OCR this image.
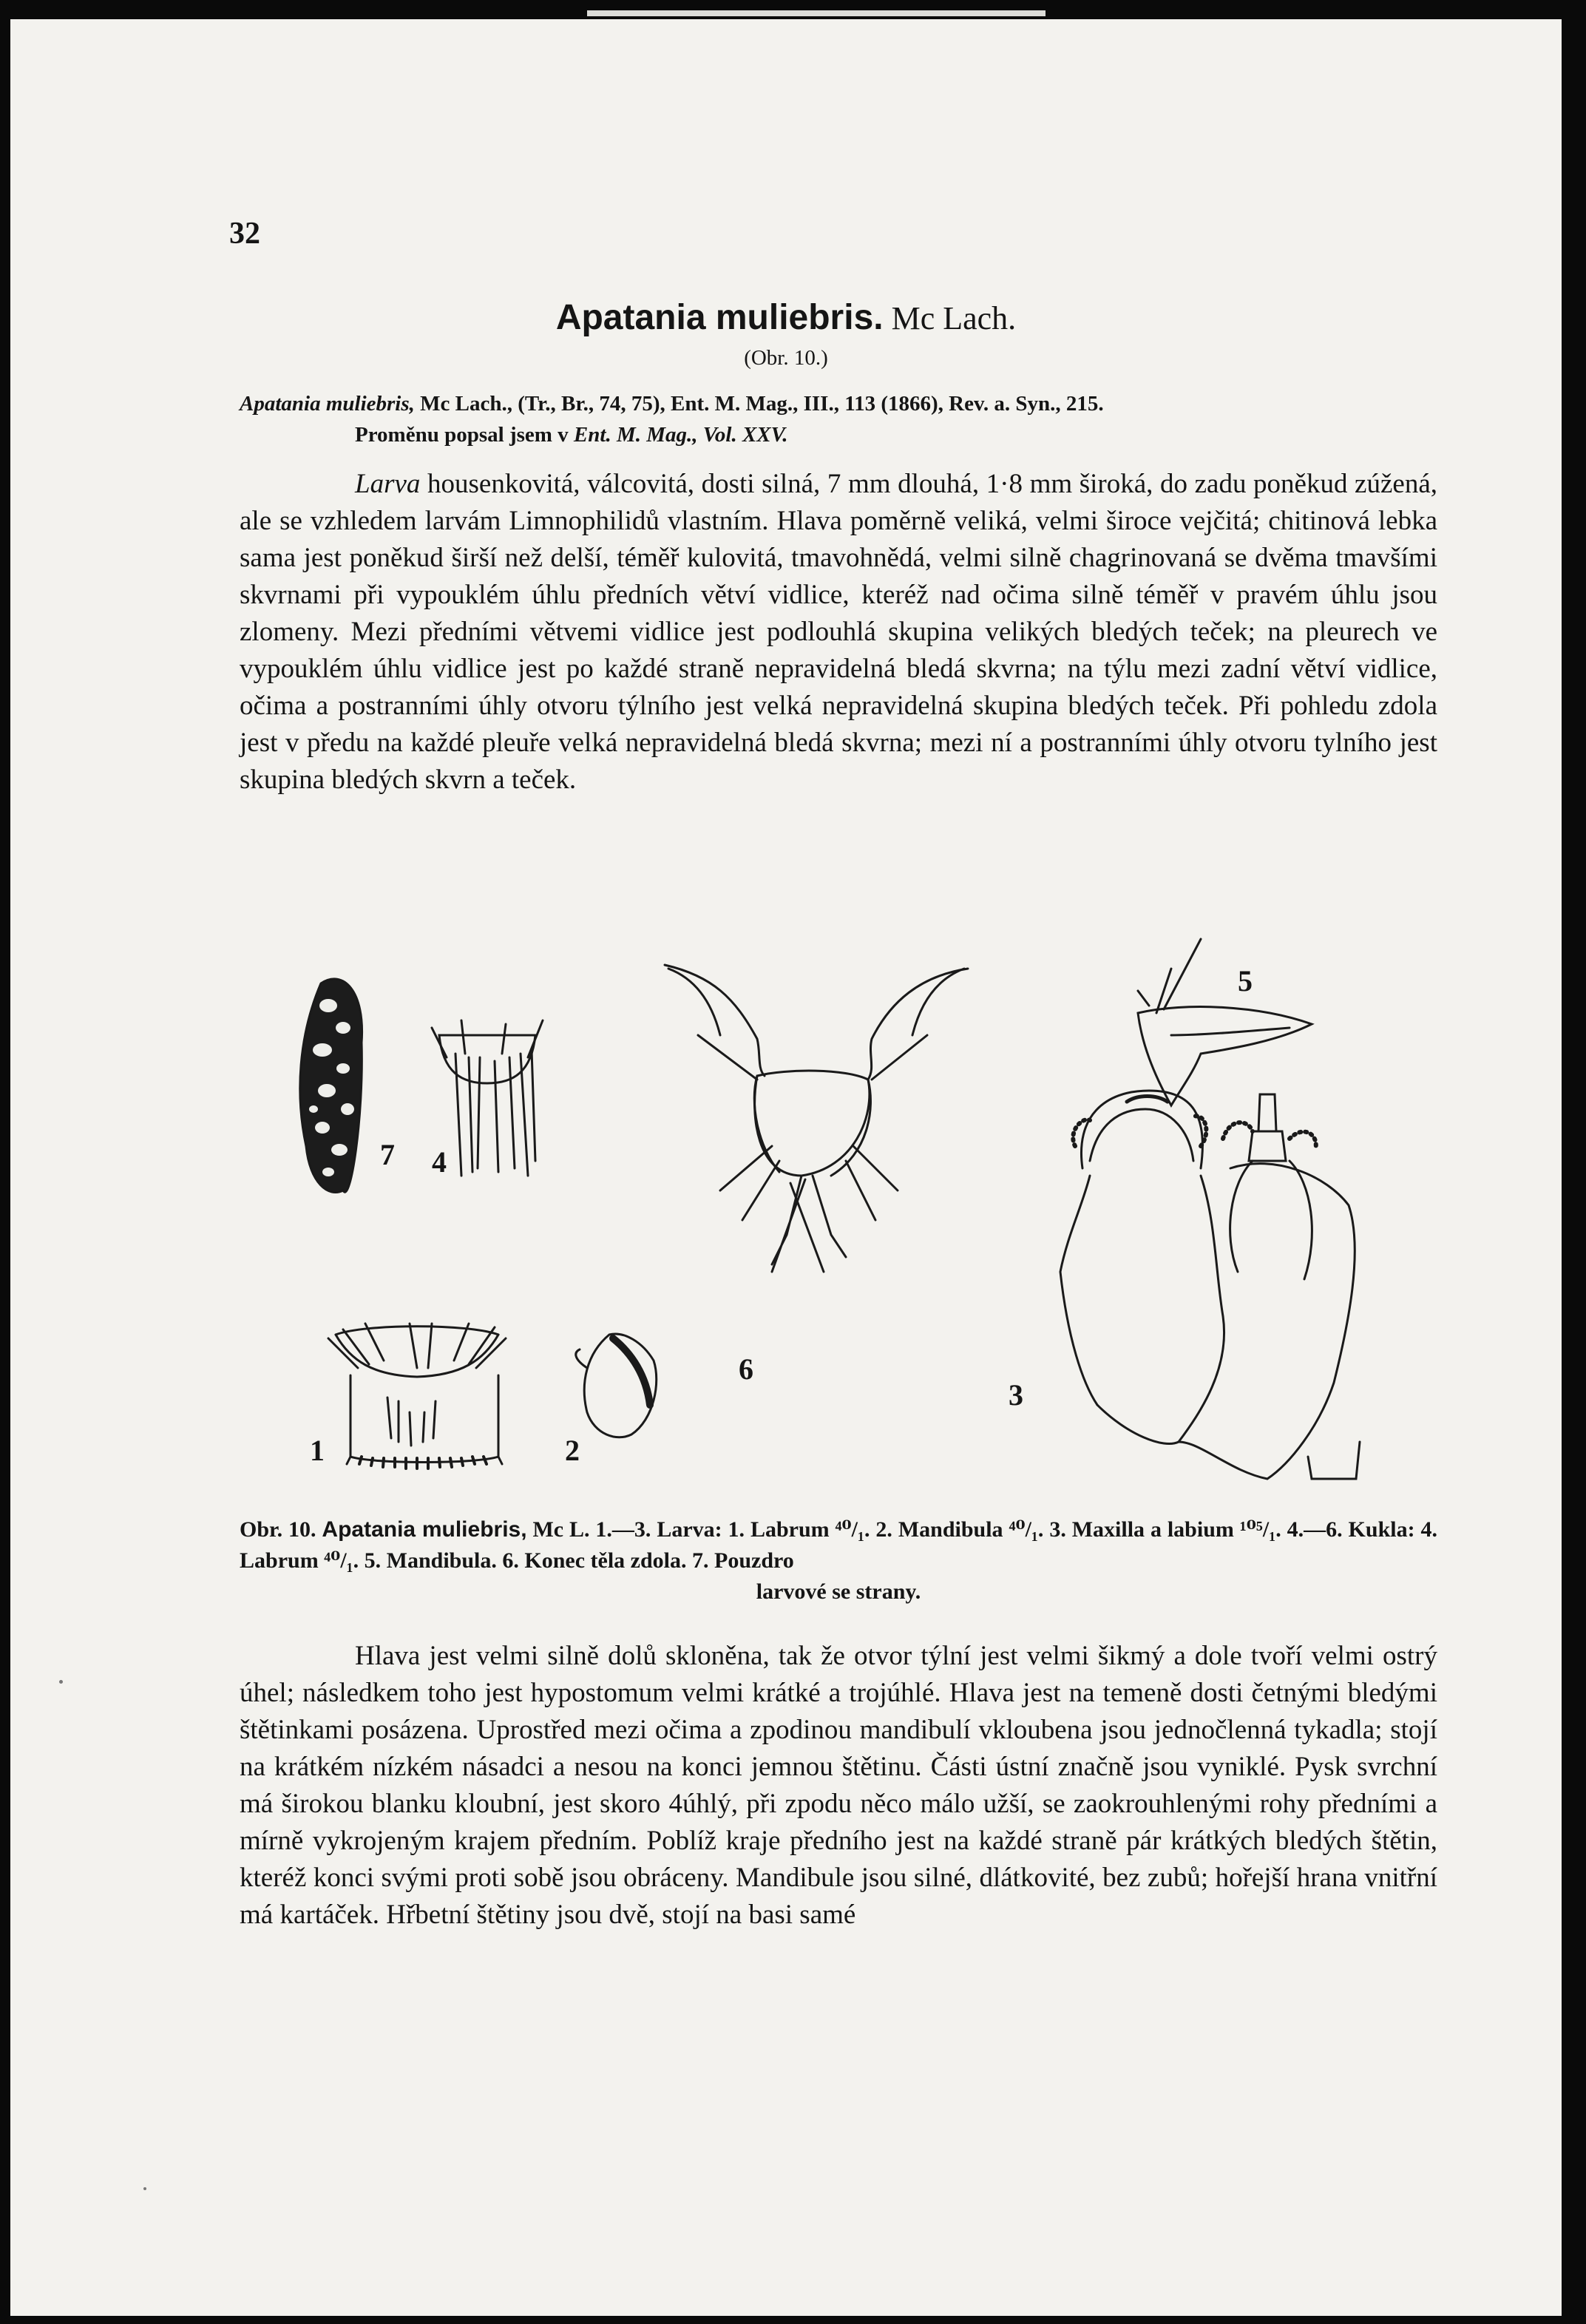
32
Apatania muliebris. Mc Lach.
(Obr. 10.)
Apatania muliebris, Mc Lach., (Tr., Br., 74, 75), Ent. M. Mag., III., 113 (1866), Rev. a. Syn., 215.
Proměnu popsal jsem v Ent. M. Mag., Vol. XXV.

Larva housenkovitá, válcovitá, dosti silná, 7 mm dlouhá, 1·8 mm široká, do zadu poněkud zúžená, ale se vzhledem larvám Limnophilidů vlastním. Hlava poměrně veliká, velmi široce vejčitá; chitinová lebka sama jest poněkud širší než delší, téměř kulovitá, tmavohnědá, velmi silně chagrinovaná se dvěma tmavšími skvrnami při vypouklém úhlu předních větví vidlice, kteréž nad očima silně téměř v pravém úhlu jsou zlomeny. Mezi předními větvemi vidlice jest podlouhlá skupina velikých bledých teček; na pleurech ve vypouklém úhlu vidlice jest po každé straně nepravidelná bledá skvrna; na týlu mezi zadní větví vidlice, očima a postranními úhly otvoru týlního jest velká nepravidelná skupina bledých teček. Při pohledu zdola jest v předu na každé pleuře velká nepravidelná bledá skvrna; mezi ní a postranními úhly otvoru tylního jest skupina bledých skvrn a teček.

7 4
5
6
3
1	2

Obr. 10. Apatania muliebris, Mc L. 1.—3. Larva: 1. Labrum ⁴⁰/₁. 2. Mandibula ⁴⁰/₁. 3. Maxilla a labium ¹⁰⁵/₁. 4.—6. Kukla: 4. Labrum ⁴⁰/₁. 5. Mandibula. 6. Konec těla zdola. 7. Pouzdro
larvové se strany.

Hlava jest velmi silně dolů skloněna, tak že otvor týlní jest velmi šikmý a dole tvoří velmi ostrý úhel; následkem toho jest hypostomum velmi krátké a trojúhlé. Hlava jest na temeně dosti četnými bledými štětinkami posázena. Uprostřed mezi očima a zpodinou mandibulí vkloubena jsou jednočlenná tykadla; stojí na krátkém nízkém násadci a nesou na konci jemnou štětinu. Části ústní značně jsou vyniklé. Pysk svrchní má širokou blanku kloubní, jest skoro 4úhlý, při zpodu něco málo užší, se zaokrouhlenými rohy předními a mírně vykrojeným krajem předním. Poblíž kraje předního jest na každé straně pár krátkých bledých štětin, kteréž konci svými proti sobě jsou obráceny. Mandibule jsou silné, dlátkovité, bez zubů; hořejší hrana vnitřní má kartáček. Hřbetní štětiny jsou dvě, stojí na basi samé
